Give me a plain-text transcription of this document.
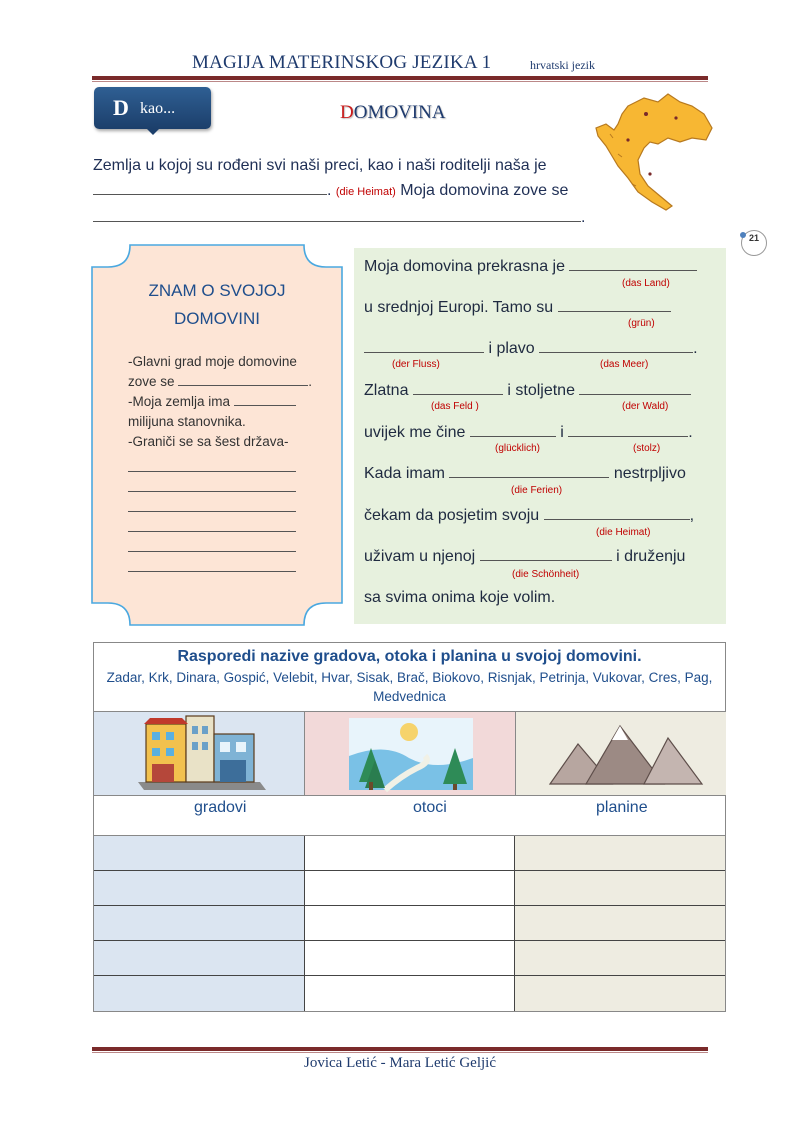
MAGIJA MATERINSKOG JEZIKA 1	hrvatski jezik
D kao...	DOMOVINA
Zemlja u kojoj su rođeni svi naši preci, kao i naši roditelji naša je
. (die Heimat) Moja domovina zove se
.
21
ZNAM O SVOJOJ
DOMOVINI
-Glavni grad moje domovine
zove se	.
-Moja zemlja ima
milijuna stanovnika.
-Graniči se sa šest država-
Moja domovina prekrasna je
(das Land)
u srednjoj Europi. Tamo su
(grün)
i plavo	.
(der Fluss)	(das Meer)
Zlatna	i stoljetne
(das Feld )	(der Wald)
uvijek me čine	i	.
(glücklich)	(stolz)
Kada imam	nestrpljivo
(die Ferien)
čekam da posjetim svoju	,
(die Heimat)
uživam u njenoj	i druženju
(die Schönheit)
sa svima onima koje volim.
Rasporedi nazive gradova, otoka i planina u svojoj domovini.
Zadar, Krk, Dinara, Gospić, Velebit, Hvar, Sisak, Brač, Biokovo, Risnjak, Petrinja, Vukovar, Cres, Pag, Medvednica
gradovi	otoci	planine
Jovica Letić - Mara Letić Geljić
